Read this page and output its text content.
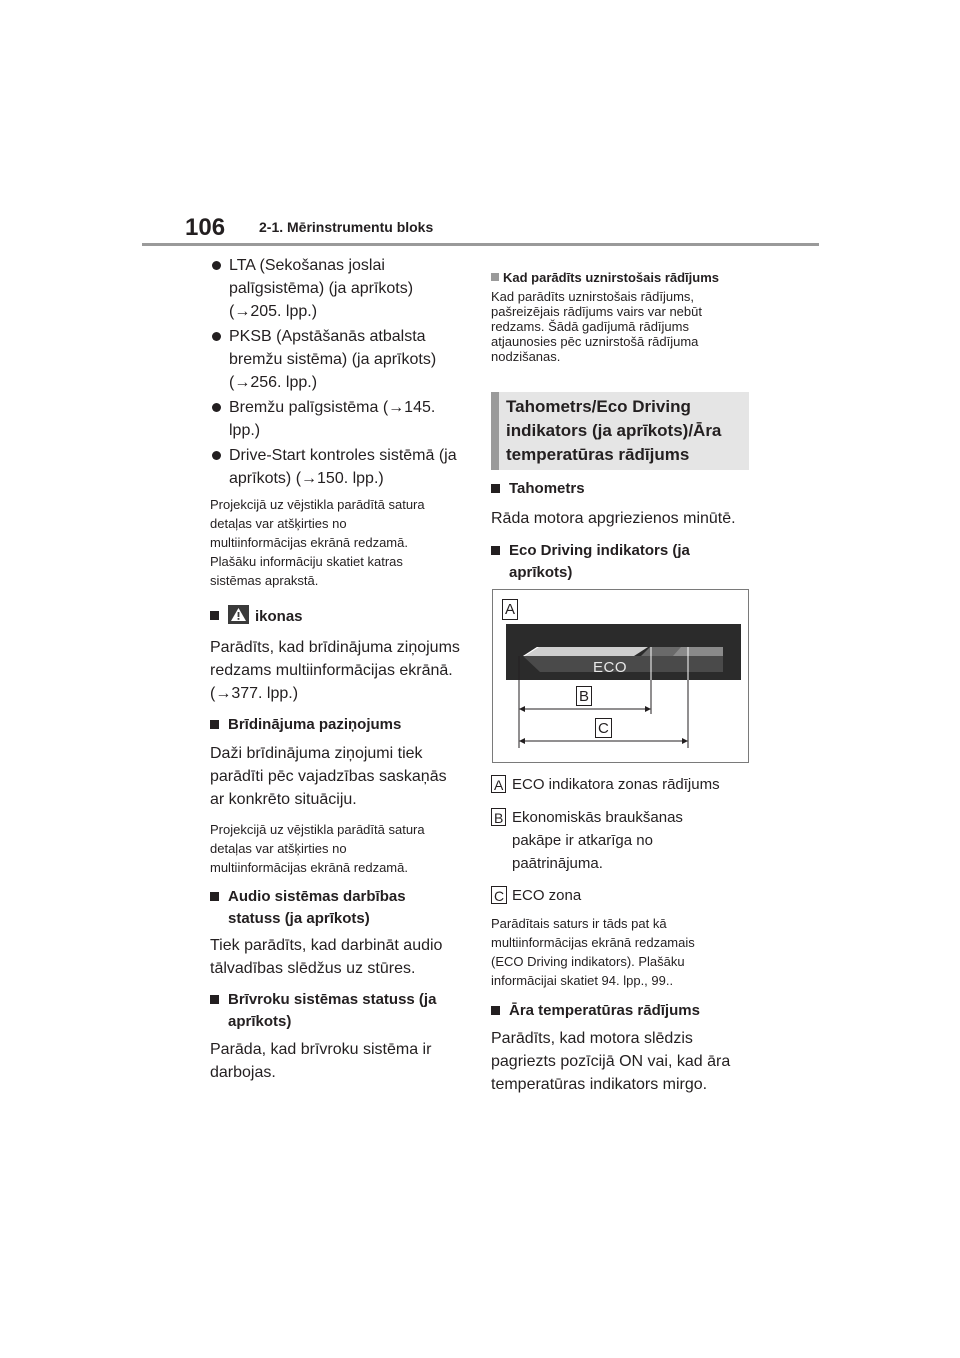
106 2-1. Mērinstrumentu bloks
LTA (Sekošanas joslai
palīgsistēma) (ja aprīkots)
(→205. lpp.)
PKSB (Apstāšanās atbalsta
bremžu sistēma) (ja aprīkots)
(→256. lpp.)
Bremžu palīgsistēma (→145.
lpp.)
Drive-Start kontroles sistēmā (ja
aprīkots) (→150. lpp.)
Projekcijā uz vējstikla parādītā satura
detaļas var atšķirties no
multiinformācijas ekrānā redzamā.
Plašāku informāciju skatiet katras
sistēmas aprakstā.
ikonas
Parādīts, kad brīdinājuma ziņojums
redzams multiinformācijas ekrānā.
(→377. lpp.)
Brīdinājuma paziņojums
Daži brīdinājuma ziņojumi tiek
parādīti pēc vajadzības saskaņās
ar konkrēto situāciju.
Projekcijā uz vējstikla parādītā satura
detaļas var atšķirties no
multiinformācijas ekrānā redzamā.
Audio sistēmas darbības
statuss (ja aprīkots)
Tiek parādīts, kad darbināt audio
tālvadības slēdžus uz stūres.
Brīvroku sistēmas statuss (ja
aprīkots)
Parāda, kad brīvroku sistēma ir
darbojas.
Kad parādīts uznirstošais rādījums
Kad parādīts uznirstošais rādījums,
pašreizējais rādījums vairs var nebūt
redzams. Šādā gadījumā rādījums
atjaunosies pēc uznirstošā rādījuma
nodzišanas.
Tahometrs/Eco Driving
indikators (ja aprīkots)/Āra
temperatūras rādījums
Tahometrs
Rāda motora apgriezienos minūtē.
Eco Driving indikators (ja
aprīkots)
A
ECO
B
C
A ECO indikatora zonas rādījums
B Ekonomiskās braukšanas
pakāpe ir atkarīga no
paātrinājuma.
C ECO zona
Parādītais saturs ir tāds pat kā
multiinformācijas ekrānā redzamais
(ECO Driving indikators). Plašāku
informācijai skatiet 94. lpp., 99..
Āra temperatūras rādījums
Parādīts, kad motora slēdzis
pagriezts pozīcijā ON vai, kad āra
temperatūras indikators mirgo.
